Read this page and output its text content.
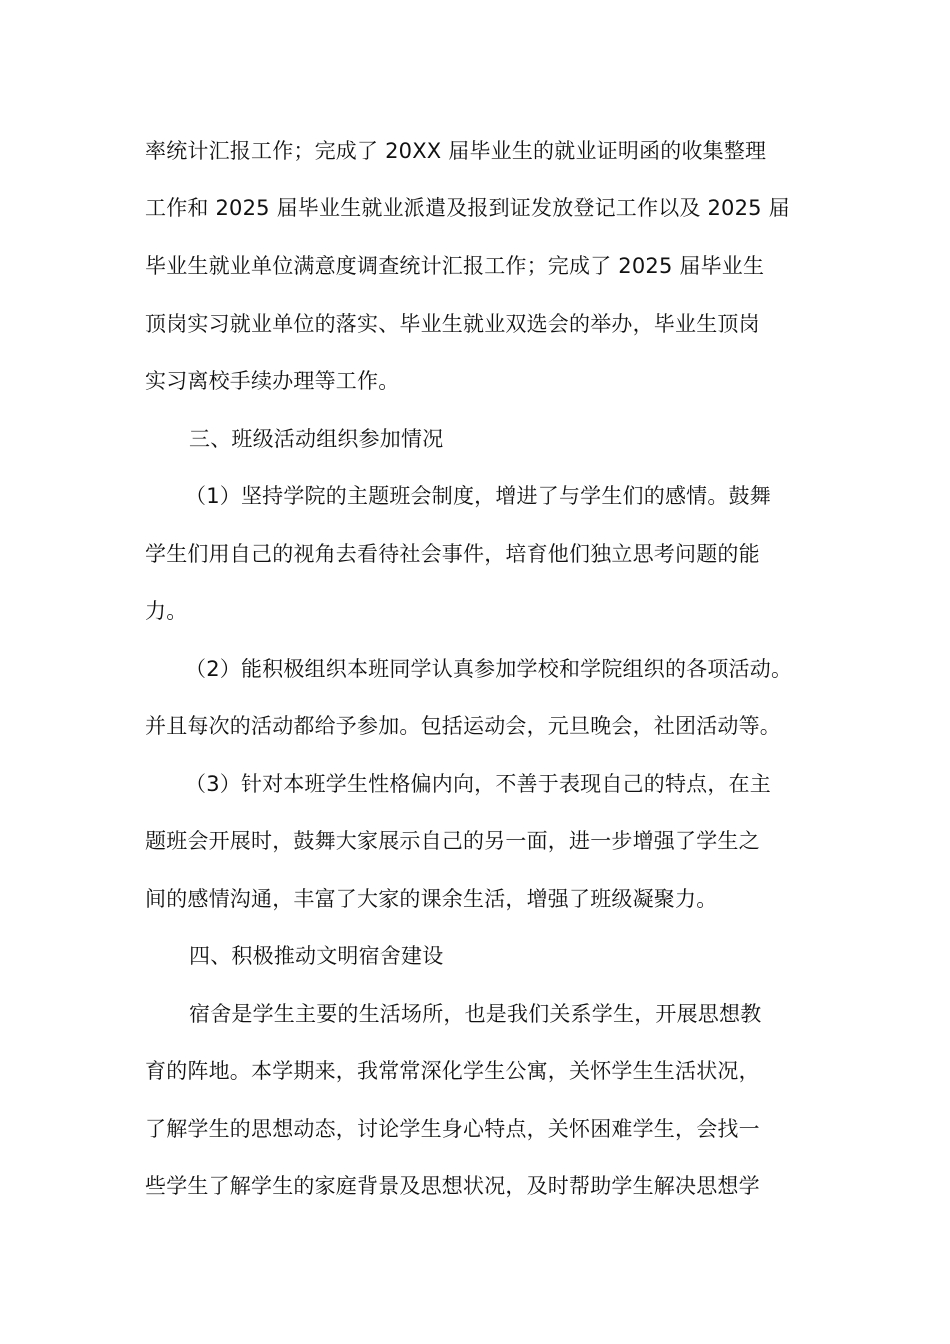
率统计汇报工作；完成了 20XX 届毕业生的就业证明函的收集整理
工作和 2025 届毕业生就业派遣及报到证发放登记工作以及 2025 届
毕业生就业单位满意度调查统计汇报工作；完成了 2025 届毕业生
顶岗实习就业单位的落实、毕业生就业双选会的举办，毕业生顶岗
实习离校手续办理等工作。
三、班级活动组织参加情况
（1）坚持学院的主题班会制度，增进了与学生们的感情。鼓舞
学生们用自己的视角去看待社会事件，培育他们独立思考问题的能
力。
（2）能积极组织本班同学认真参加学校和学院组织的各项活动。
并且每次的活动都给予参加。包括运动会，元旦晚会，社团活动等。
（3）针对本班学生性格偏内向，不善于表现自己的特点，在主
题班会开展时，鼓舞大家展示自己的另一面，进一步增强了学生之
间的感情沟通，丰富了大家的课余生活，增强了班级凝聚力。
四、积极推动文明宿舍建设
宿舍是学生主要的生活场所，也是我们关系学生，开展思想教
育的阵地。本学期来，我常常深化学生公寓，关怀学生生活状况，
了解学生的思想动态，讨论学生身心特点，关怀困难学生，会找一
些学生了解学生的家庭背景及思想状况，及时帮助学生解决思想学
